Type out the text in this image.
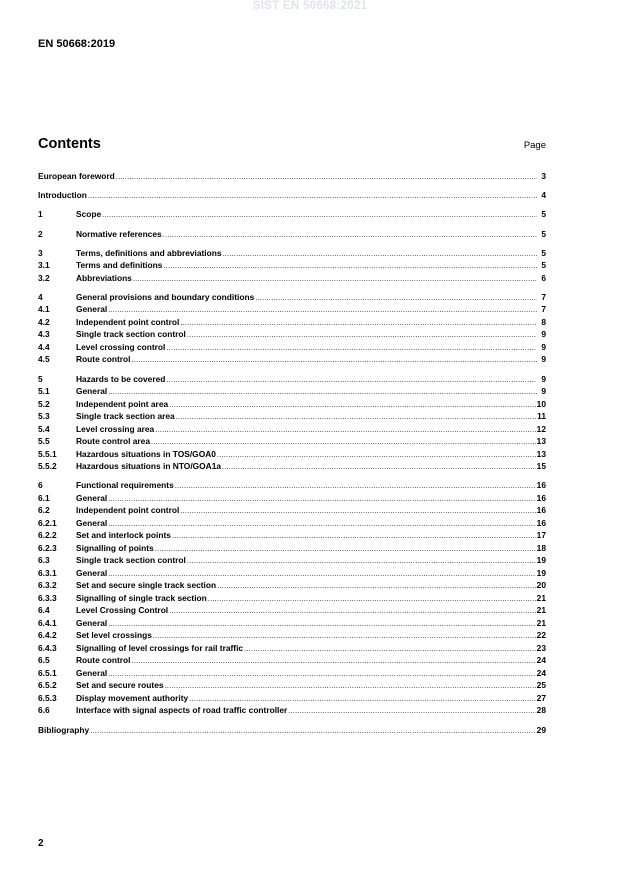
SIST EN 50668:2021
EN 50668:2019
Contents	Page
European foreword .....	3
Introduction .....	4
1	Scope .....	5
2	Normative references .....	5
3	Terms, definitions and abbreviations .....	5
3.1	Terms and definitions .....	5
3.2	Abbreviations .....	6
4	General provisions and boundary conditions .....	7
4.1	General .....	7
4.2	Independent point control .....	8
4.3	Single track section control .....	9
4.4	Level crossing control .....	9
4.5	Route control .....	9
5	Hazards to be covered .....	9
5.1	General .....	9
5.2	Independent point area .....	10
5.3	Single track section area .....	11
5.4	Level crossing area .....	12
5.5	Route control area .....	13
5.5.1	Hazardous situations in TOS/GOA0 .....	13
5.5.2	Hazardous situations in NTO/GOA1a .....	15
6	Functional requirements .....	16
6.1	General .....	16
6.2	Independent point control .....	16
6.2.1	General .....	16
6.2.2	Set and interlock points .....	17
6.2.3	Signalling of points .....	18
6.3	Single track section control .....	19
6.3.1	General .....	19
6.3.2	Set and secure single track section .....	20
6.3.3	Signalling of single track section .....	21
6.4	Level Crossing Control .....	21
6.4.1	General .....	21
6.4.2	Set level crossings .....	22
6.4.3	Signalling of level crossings for rail traffic .....	23
6.5	Route control .....	24
6.5.1	General .....	24
6.5.2	Set and secure routes .....	25
6.5.3	Display movement authority .....	27
6.6	Interface with signal aspects of road traffic controller .....	28
Bibliography .....	29
2
